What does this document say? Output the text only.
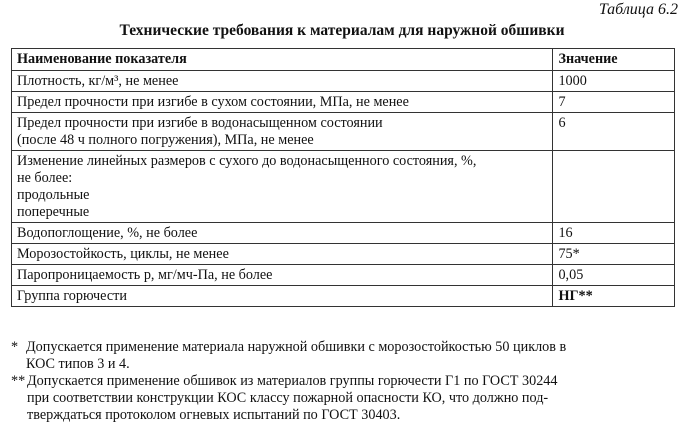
Таблица 6.2
Технические требования к материалам для наружной обшивки
Наименование показателя	Значение

Плотность, кг/м³, не менее	1000

Предел прочности при изгибе в сухом состоянии, МПа, не менее	7

Предел прочности при изгибе в водонасыщенном состоянии
(после 48 ч полного погружения), МПа, не менее	6

Изменение линейных размеров с сухого до водонасыщенного состояния, %,
не более:
продольные
поперечные	

Водопоглощение, %, не более	16

Морозостойкость, циклы, не менее	75*

Паропроницаемость р, мг/мч-Па, не более	0,05

Группа горючести	НГ**
* Допускается применение материала наружной обшивки с морозостойкостью 50 циклов в
КОС типов 3 и 4.
** Допускается применение обшивок из материалов группы горючести Г1 по ГОСТ 30244
при соответствии конструкции КОС классу пожарной опасности КО, что должно под-
тверждаться протоколом огневых испытаний по ГОСТ 30403.
